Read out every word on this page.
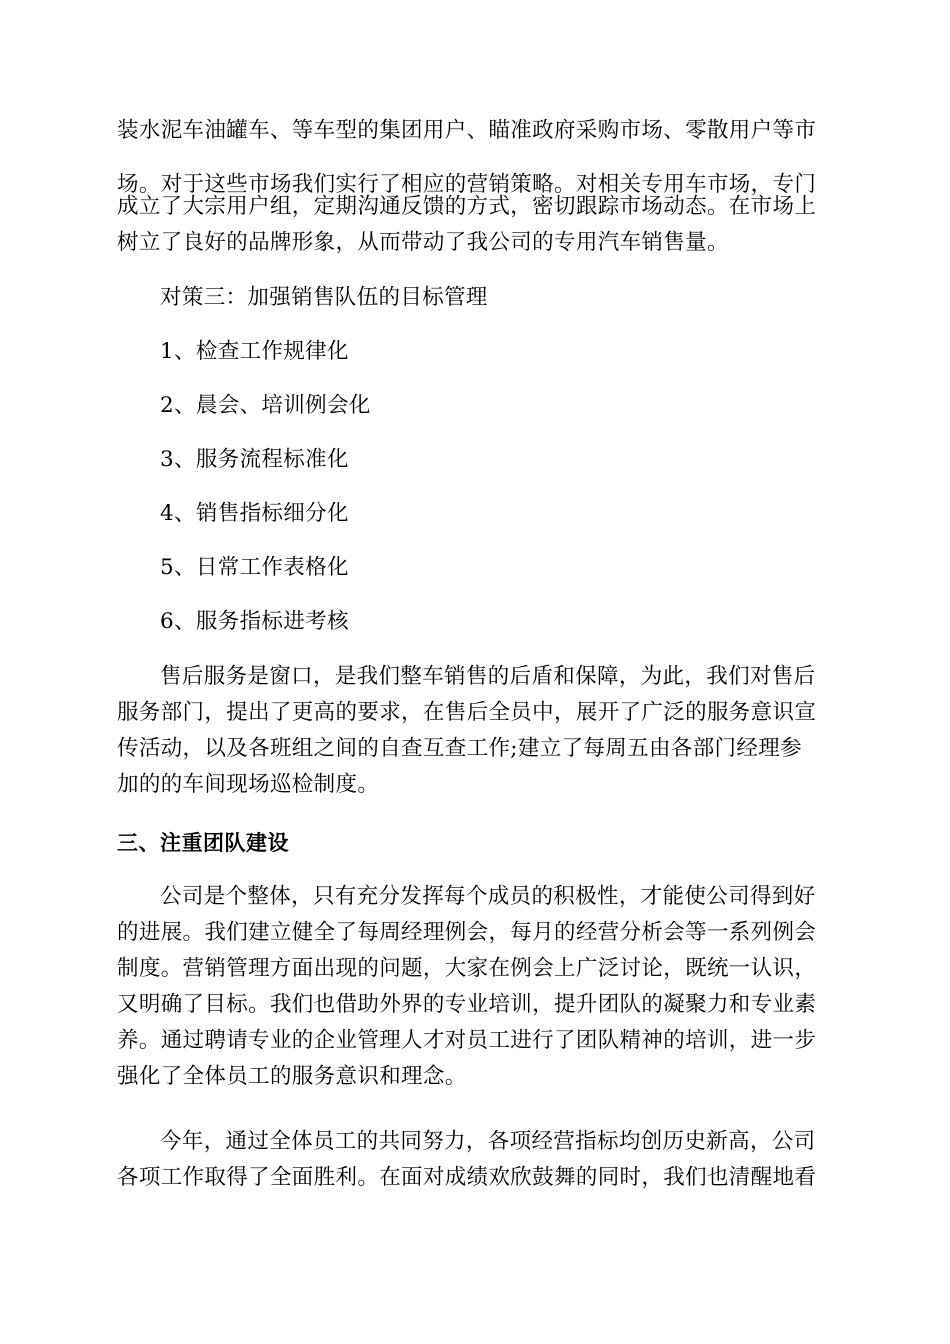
装水泥车油罐车、等车型的集团用户、瞄准政府采购市场、零散用户等市
场。对于这些市场我们实行了相应的营销策略。对相关专用车市场，专门
成立了大宗用户组，定期沟通反馈的方式，密切跟踪市场动态。在市场上
树立了良好的品牌形象，从而带动了我公司的专用汽车销售量。
对策三：加强销售队伍的目标管理
1、检查工作规律化
2、晨会、培训例会化
3、服务流程标准化
4、销售指标细分化
5、日常工作表格化
6、服务指标进考核
售后服务是窗口，是我们整车销售的后盾和保障，为此，我们对售后
服务部门，提出了更高的要求，在售后全员中，展开了广泛的服务意识宣
传活动，以及各班组之间的自查互查工作;建立了每周五由各部门经理参
加的的车间现场巡检制度。
三、注重团队建设
公司是个整体，只有充分发挥每个成员的积极性，才能使公司得到好
的进展。我们建立健全了每周经理例会，每月的经营分析会等一系列例会
制度。营销管理方面出现的问题，大家在例会上广泛讨论，既统一认识，
又明确了目标。我们也借助外界的专业培训，提升团队的凝聚力和专业素
养。通过聘请专业的企业管理人才对员工进行了团队精神的培训，进一步
强化了全体员工的服务意识和理念。
今年，通过全体员工的共同努力，各项经营指标均创历史新高，公司
各项工作取得了全面胜利。在面对成绩欢欣鼓舞的同时，我们也清醒地看
